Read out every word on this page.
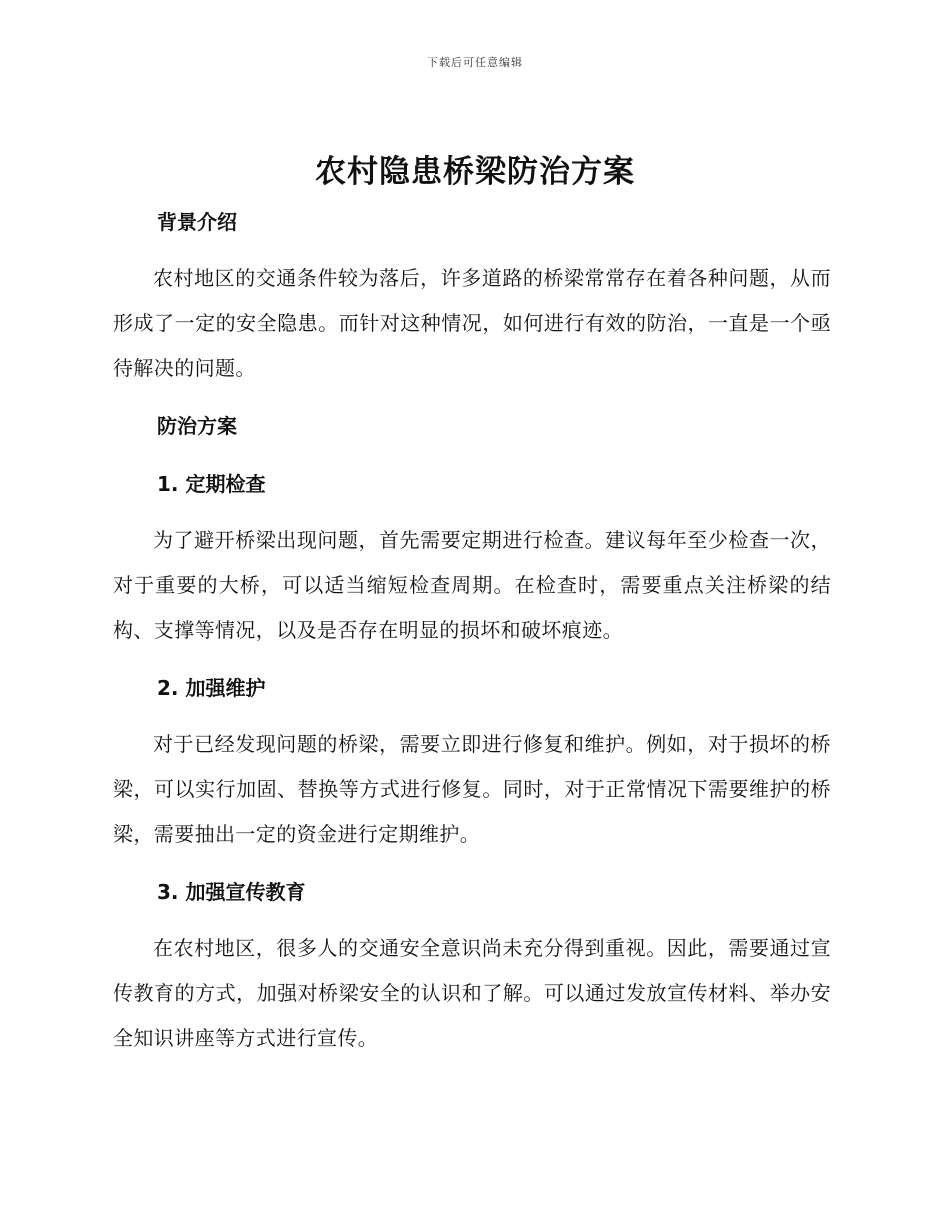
下载后可任意编辑
农村隐患桥梁防治方案
背景介绍

农村地区的交通条件较为落后，许多道路的桥梁常常存在着各种问题，从而形成了一定的安全隐患。而针对这种情况，如何进行有效的防治，一直是一个亟待解决的问题。

防治方案
1. 定期检查

为了避开桥梁出现问题，首先需要定期进行检查。建议每年至少检查一次，对于重要的大桥，可以适当缩短检查周期。在检查时，需要重点关注桥梁的结构、支撑等情况，以及是否存在明显的损坏和破坏痕迹。

2. 加强维护

对于已经发现问题的桥梁，需要立即进行修复和维护。例如，对于损坏的桥梁，可以实行加固、替换等方式进行修复。同时，对于正常情况下需要维护的桥梁，需要抽出一定的资金进行定期维护。

3. 加强宣传教育

在农村地区，很多人的交通安全意识尚未充分得到重视。因此，需要通过宣传教育的方式，加强对桥梁安全的认识和了解。可以通过发放宣传材料、举办安全知识讲座等方式进行宣传。
